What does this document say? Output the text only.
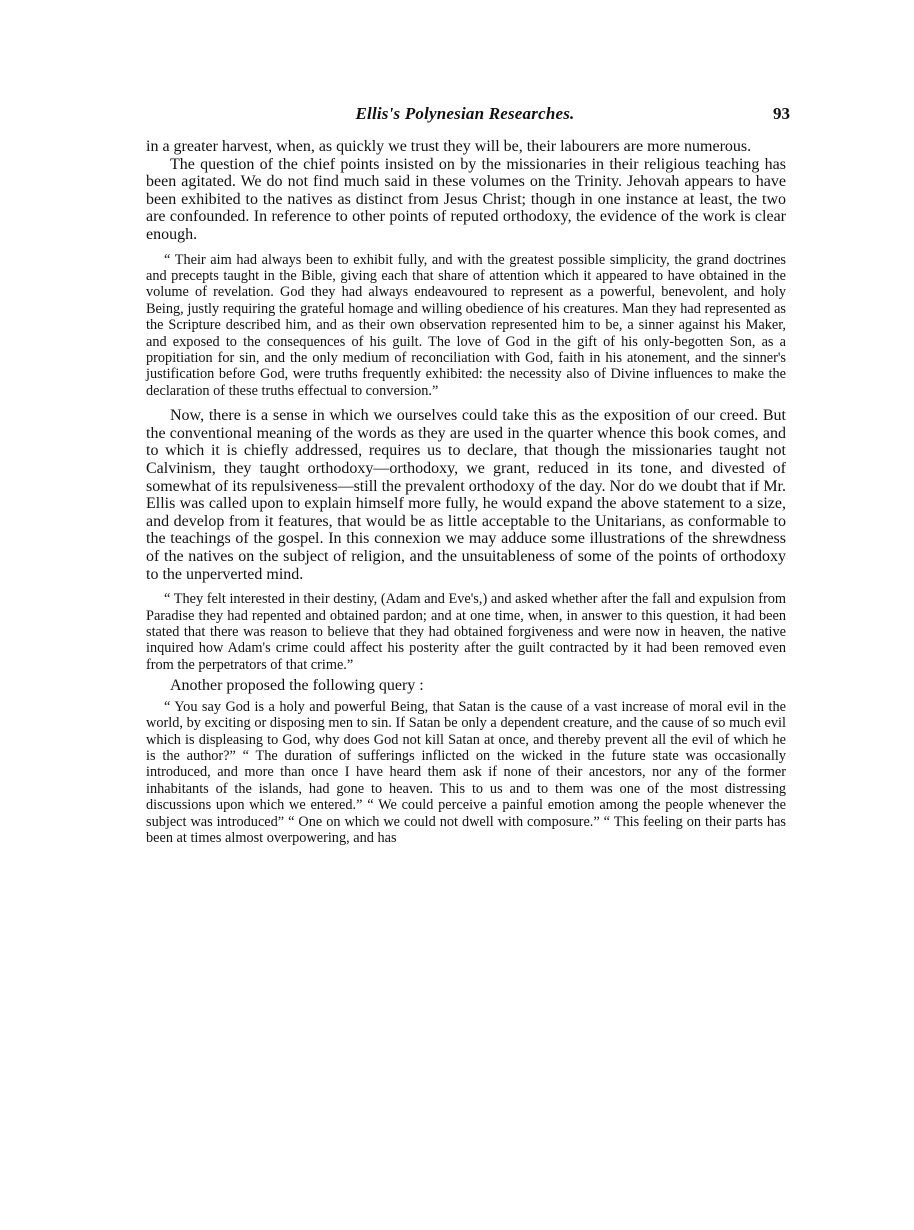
Ellis's Polynesian Researches.	93

in a greater harvest, when, as quickly we trust they will be, their labourers are more numerous.

The question of the chief points insisted on by the missionaries in their religious teaching has been agitated. We do not find much said in these volumes on the Trinity. Jehovah appears to have been exhibited to the natives as distinct from Jesus Christ; though in one instance at least, the two are confounded. In reference to other points of reputed orthodoxy, the evidence of the work is clear enough.

“ Their aim had always been to exhibit fully, and with the greatest possible simplicity, the grand doctrines and precepts taught in the Bible, giving each that share of attention which it appeared to have obtained in the volume of revelation. God they had always endeavoured to represent as a powerful, benevolent, and holy Being, justly requiring the grateful homage and willing obedience of his creatures. Man they had represented as the Scripture described him, and as their own observation represented him to be, a sinner against his Maker, and exposed to the consequences of his guilt. The love of God in the gift of his only-begotten Son, as a propitiation for sin, and the only medium of reconciliation with God, faith in his atonement, and the sinner's justification before God, were truths frequently exhibited: the necessity also of Divine influences to make the declaration of these truths effectual to conversion.”

Now, there is a sense in which we ourselves could take this as the exposition of our creed. But the conventional meaning of the words as they are used in the quarter whence this book comes, and to which it is chiefly addressed, requires us to declare, that though the missionaries taught not Calvinism, they taught orthodoxy—orthodoxy, we grant, reduced in its tone, and divested of somewhat of its repulsiveness—still the prevalent orthodoxy of the day. Nor do we doubt that if Mr. Ellis was called upon to explain himself more fully, he would expand the above statement to a size, and develop from it features, that would be as little acceptable to the Unitarians, as conformable to the teachings of the gospel. In this connexion we may adduce some illustrations of the shrewdness of the natives on the subject of religion, and the unsuitableness of some of the points of orthodoxy to the unperverted mind.

“ They felt interested in their destiny, (Adam and Eve's,) and asked whether after the fall and expulsion from Paradise they had repented and obtained pardon; and at one time, when, in answer to this question, it had been stated that there was reason to believe that they had obtained forgiveness and were now in heaven, the native inquired how Adam's crime could affect his posterity after the guilt contracted by it had been removed even from the perpetrators of that crime.”

Another proposed the following query :

“ You say God is a holy and powerful Being, that Satan is the cause of a vast increase of moral evil in the world, by exciting or disposing men to sin. If Satan be only a dependent creature, and the cause of so much evil which is displeasing to God, why does God not kill Satan at once, and thereby prevent all the evil of which he is the author?” “ The duration of sufferings inflicted on the wicked in the future state was occasionally introduced, and more than once I have heard them ask if none of their ancestors, nor any of the former inhabitants of the islands, had gone to heaven. This to us and to them was one of the most distressing discussions upon which we entered.” “ We could perceive a painful emotion among the people whenever the subject was introduced” “ One on which we could not dwell with composure.” “ This feeling on their parts has been at times almost overpowering, and has
